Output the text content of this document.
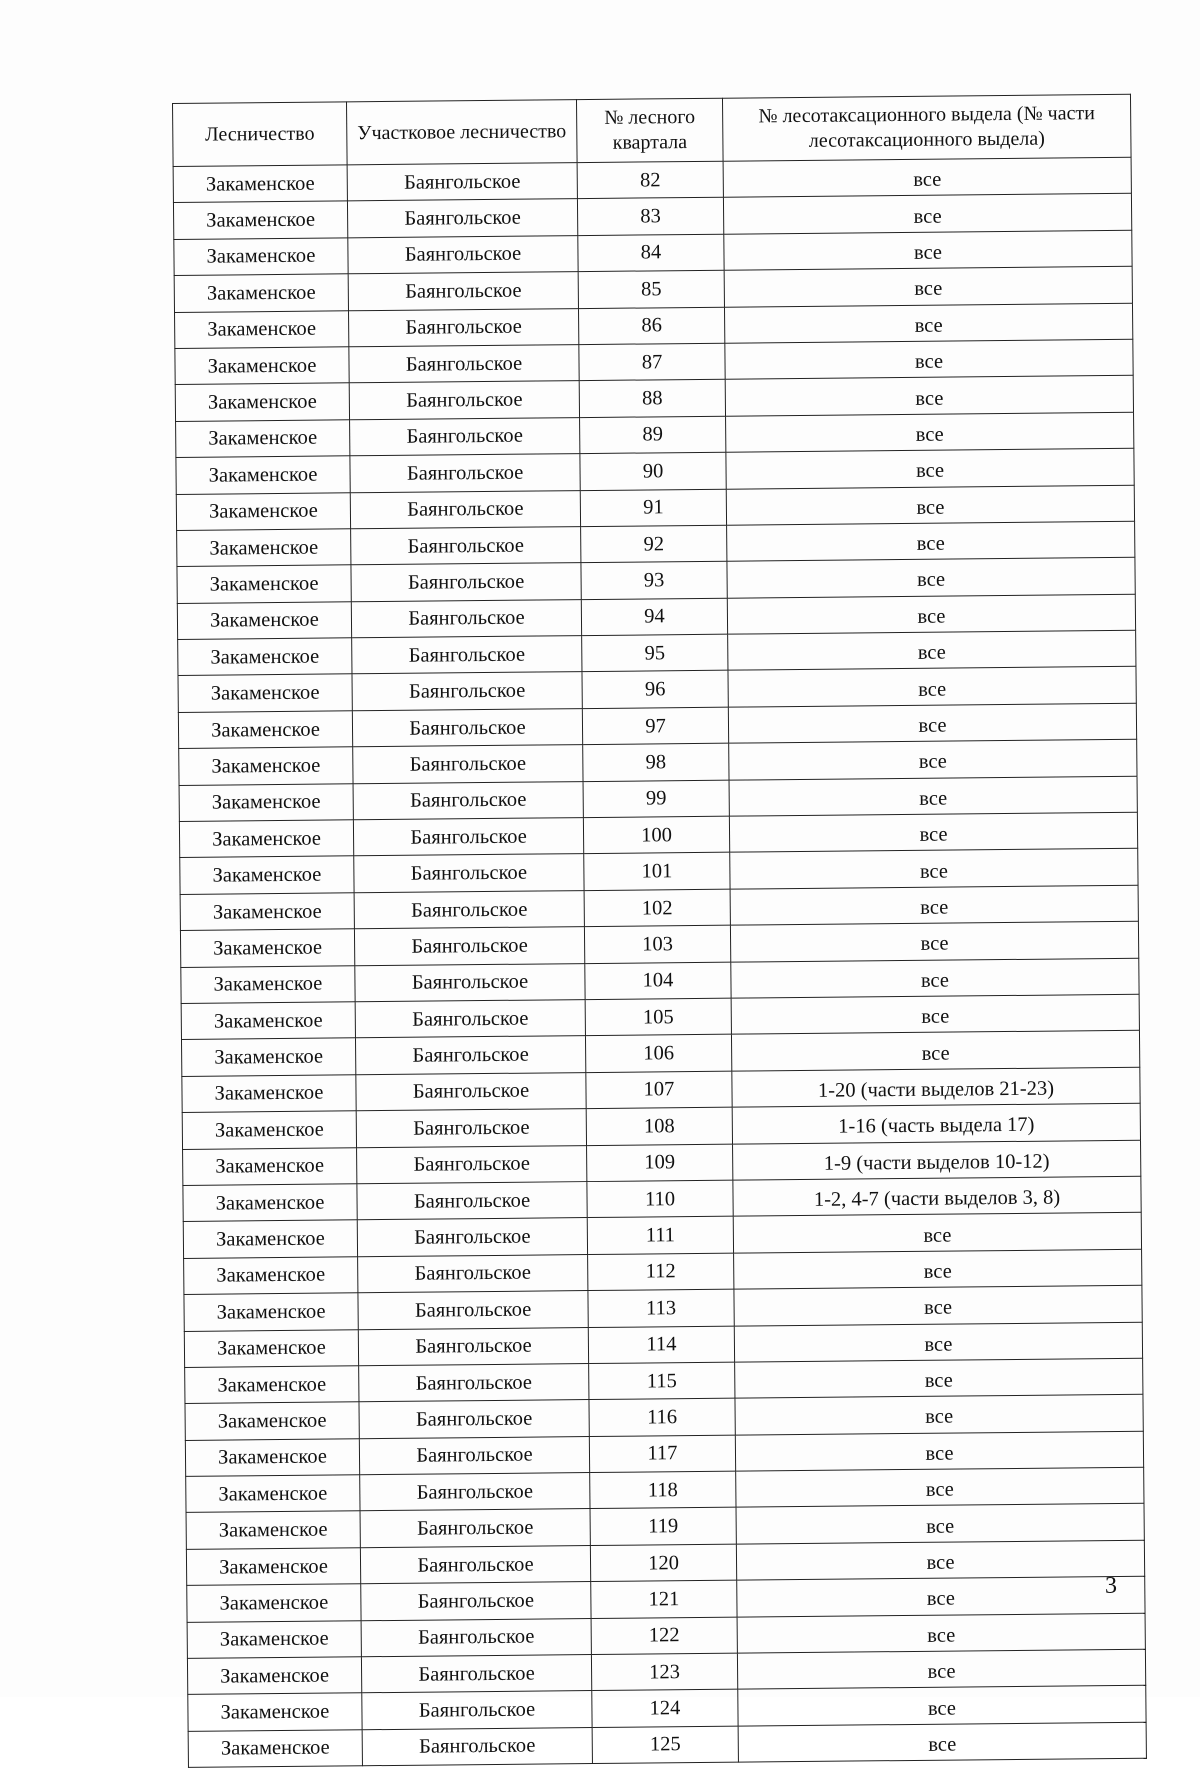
Лесничество	Участковое лесничество	№ лесного квартала	№ лесотаксационного выдела (№ части лесотаксационного выдела)
Закаменское	Баянгольское	82	все
Закаменское	Баянгольское	83	все
Закаменское	Баянгольское	84	все
Закаменское	Баянгольское	85	все
Закаменское	Баянгольское	86	все
Закаменское	Баянгольское	87	все
Закаменское	Баянгольское	88	все
Закаменское	Баянгольское	89	все
Закаменское	Баянгольское	90	все
Закаменское	Баянгольское	91	все
Закаменское	Баянгольское	92	все
Закаменское	Баянгольское	93	все
Закаменское	Баянгольское	94	все
Закаменское	Баянгольское	95	все
Закаменское	Баянгольское	96	все
Закаменское	Баянгольское	97	все
Закаменское	Баянгольское	98	все
Закаменское	Баянгольское	99	все
Закаменское	Баянгольское	100	все
Закаменское	Баянгольское	101	все
Закаменское	Баянгольское	102	все
Закаменское	Баянгольское	103	все
Закаменское	Баянгольское	104	все
Закаменское	Баянгольское	105	все
Закаменское	Баянгольское	106	все
Закаменское	Баянгольское	107	1-20 (части выделов 21-23)
Закаменское	Баянгольское	108	1-16 (часть выдела 17)
Закаменское	Баянгольское	109	1-9 (части выделов 10-12)
Закаменское	Баянгольское	110	1-2, 4-7 (части выделов 3, 8)
Закаменское	Баянгольское	111	все
Закаменское	Баянгольское	112	все
Закаменское	Баянгольское	113	все
Закаменское	Баянгольское	114	все
Закаменское	Баянгольское	115	все
Закаменское	Баянгольское	116	все
Закаменское	Баянгольское	117	все
Закаменское	Баянгольское	118	все
Закаменское	Баянгольское	119	все
Закаменское	Баянгольское	120	все
Закаменское	Баянгольское	121	все
Закаменское	Баянгольское	122	все
Закаменское	Баянгольское	123	все
Закаменское	Баянгольское	124	все
Закаменское	Баянгольское	125	все
3
